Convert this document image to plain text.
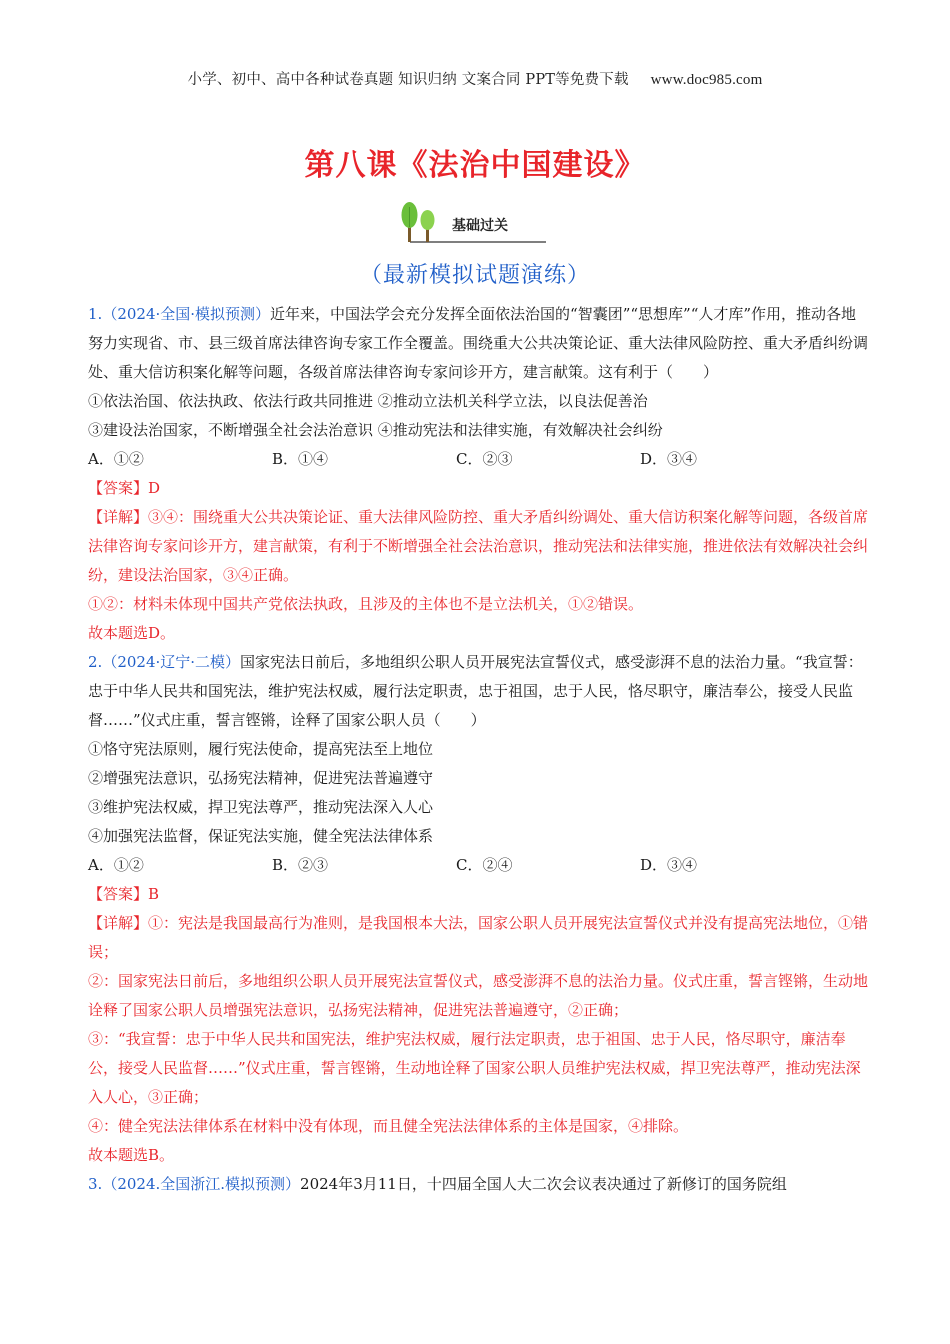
小学、初中、高中各种试卷真题 知识归纳 文案合同 PPT等免费下载 www.doc985.com
第八课《法治中国建设》
基础过关
（最新模拟试题演练）

1.（2024·全国·模拟预测）近年来，中国法学会充分发挥全面依法治国的“智囊团”“思想库”“人才库”作用，推动各地努力实现省、市、县三级首席法律咨询专家工作全覆盖。围绕重大公共决策论证、重大法律风险防控、重大矛盾纠纷调处、重大信访积案化解等问题，各级首席法律咨询专家问诊开方，建言献策。这有利于（　　）

①依法治国、依法执政、依法行政共同推进 ②推动立法机关科学立法，以良法促善治

③建设法治国家，不断增强全社会法治意识 ④推动宪法和法律实施，有效解决社会纠纷

A．①②	B．①④	C．②③	D．③④

【答案】D

【详解】③④：围绕重大公共决策论证、重大法律风险防控、重大矛盾纠纷调处、重大信访积案化解等问题，各级首席法律咨询专家问诊开方，建言献策，有利于不断增强全社会法治意识，推动宪法和法律实施，推进依法有效解决社会纠纷，建设法治国家，③④正确。

①②：材料未体现中国共产党依法执政，且涉及的主体也不是立法机关，①②错误。

故本题选D。

2.（2024·辽宁·二模）国家宪法日前后，多地组织公职人员开展宪法宣誓仪式，感受澎湃不息的法治力量。“我宣誓：忠于中华人民共和国宪法，维护宪法权威，履行法定职责，忠于祖国，忠于人民，恪尽职守，廉洁奉公，接受人民监督……”仪式庄重，誓言铿锵，诠释了国家公职人员（　　）

①恪守宪法原则，履行宪法使命，提高宪法至上地位

②增强宪法意识，弘扬宪法精神，促进宪法普遍遵守

③维护宪法权威，捍卫宪法尊严，推动宪法深入人心

④加强宪法监督，保证宪法实施，健全宪法法律体系

A．①②	B．②③	C．②④	D．③④

【答案】B

【详解】①：宪法是我国最高行为准则，是我国根本大法，国家公职人员开展宪法宣誓仪式并没有提高宪法地位，①错误；

②：国家宪法日前后，多地组织公职人员开展宪法宣誓仪式，感受澎湃不息的法治力量。仪式庄重，誓言铿锵，生动地诠释了国家公职人员增强宪法意识，弘扬宪法精神，促进宪法普遍遵守，②正确；

③：“我宣誓：忠于中华人民共和国宪法，维护宪法权威，履行法定职责，忠于祖国、忠于人民，恪尽职守，廉洁奉公，接受人民监督……”仪式庄重，誓言铿锵，生动地诠释了国家公职人员维护宪法权威，捍卫宪法尊严，推动宪法深入人心，③正确；

④：健全宪法法律体系在材料中没有体现，而且健全宪法法律体系的主体是国家，④排除。

故本题选B。

3.（2024.全国浙江.模拟预测）2024年3月11日，十四届全国人大二次会议表决通过了新修订的国务院组
